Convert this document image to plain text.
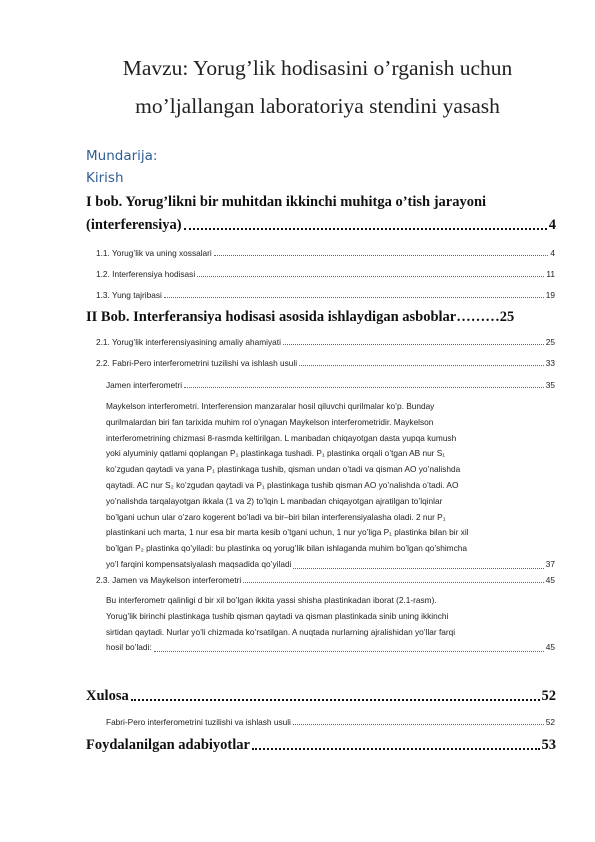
Mavzu: Yorug’lik hodisasini o’rganish uchun
mo’ljallangan laboratoriya stendini yasash
Mundarija:
Kirish
I bob. Yorug’likni bir muhitdan ikkinchi muhitga o’tish jarayoni
(interferensiya)	4
1.1. Yorug’lik va uning xossalari	4
1.2. Interferensiya hodisasi	11
1.3. Yung tajribasi	19
II Bob. Interferansiya hodisasi asosida ishlaydigan asboblar……… 25
2.1. Yorug’lik interferensiyasining amaliy ahamiyati	25
2.2. Fabri-Pero interferometrini tuzilishi va ishlash usuli	33
Jamen interferometri	35
Maykelson interferometri. Interferension manzaralar hosil qiluvchi qurilmalar ko’p. Bunday
qurilmalardan biri fan tarixida muhim rol o’ynagan Maykelson interferometridir. Maykelson
interferometrining chizmasi 8-rasmda keltirilgan. L manbadan chiqayotgan dasta yupqa kumush
yoki alyuminiy qatlami qoplangan P₁ plastinkaga tushadi. P₁ plastinka orqali o’tgan AB nur S₁
ko’zgudan qaytadi va yana P₁ plastinkaga tushib, qisman undan o’tadi va qisman AO yo’nalishda
qaytadi. AC nur S₂ ko’zgudan qaytadi va P₁ plastinkaga tushib qisman AO yo’nalishda o’tadi. AO
yo’nalishda tarqalayotgan ikkala (1 va 2) to’lqin L manbadan chiqayotgan ajratilgan to’lqinlar
bo’lgani uchun ular o’zaro kogerent bo’ladi va bir–biri bilan interferensiyalasha oladi. 2 nur P₁
plastinkani uch marta, 1 nur esa bir marta kesib o’tgani uchun, 1 nur yo’liga P₁ plastinka bilan bir xil
bo’lgan P₂ plastinka qo’yiladi: bu plastinka oq yorug’lik bilan ishlaganda muhim bo’lgan qo’shimcha
yo’l farqini kompensatsiyalash maqsadida qo’yiladi	37
2.3. Jamen va Maykelson interferometri	45
Bu interferometr qalinligi d bir xil bo’lgan ikkita yassi shisha plastinkadan iborat (2.1-rasm).
Yorug’lik birinchi plastinkaga tushib qisman qaytadi va qisman plastinkada sinib uning ikkinchi
sirtidan qaytadi. Nurlar yo’li chizmada ko’rsatilgan. A nuqtada nurlarning ajralishidan yo’llar farqi
hosil bo’ladi:	45
Xulosa	52
Fabri-Pero interferometrini tuzilishi va ishlash usuli	52
Foydalanilgan adabiyotlar	53
